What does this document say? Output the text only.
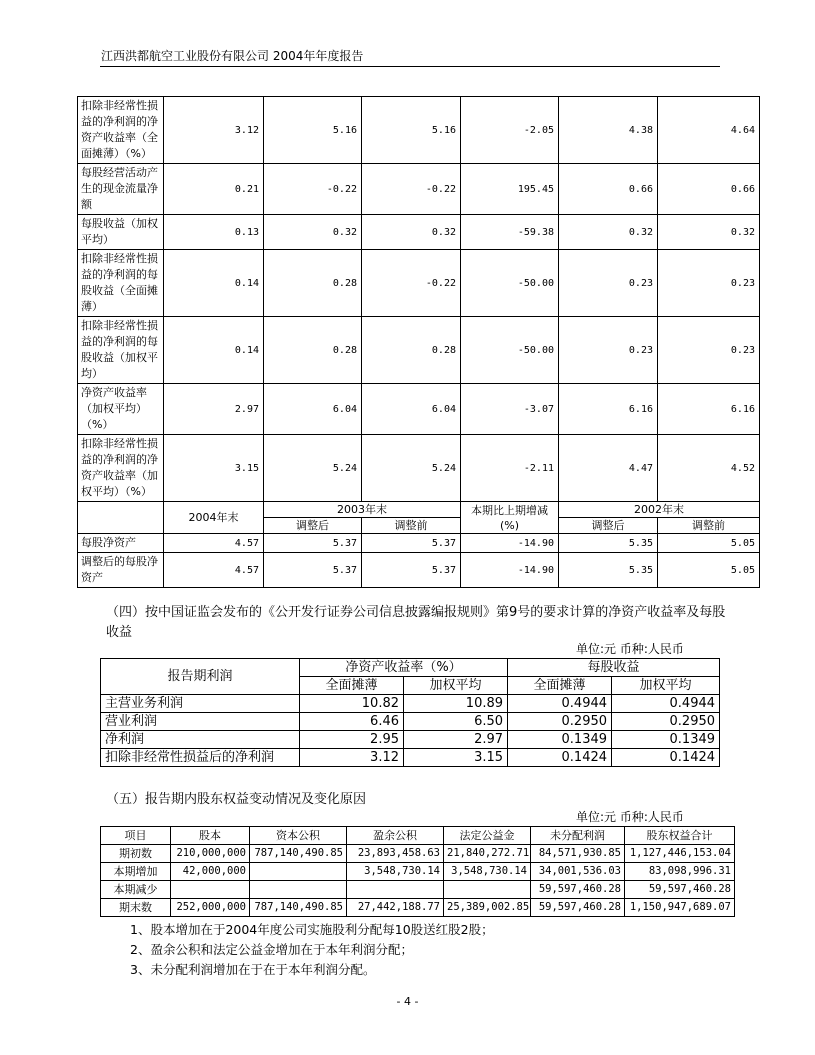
江西洪都航空工业股份有限公司 2004年年度报告
扣除非经常性损益的净利润的净资产收益率（全面摊薄）（%）	3.12	5.16	5.16	-2.05	4.38	4.64
每股经营活动产生的现金流量净额	0.21	-0.22	-0.22	195.45	0.66	0.66
每股收益（加权平均）	0.13	0.32	0.32	-59.38	0.32	0.32
扣除非经常性损益的净利润的每股收益（全面摊薄）	0.14	0.28	-0.22	-50.00	0.23	0.23
扣除非经常性损益的净利润的每股收益（加权平均）	0.14	0.28	0.28	-50.00	0.23	0.23
净资产收益率（加权平均）（%）	2.97	6.04	6.04	-3.07	6.16	6.16
扣除非经常性损益的净利润的净资产收益率（加权平均）（%）	3.15	5.24	5.24	-2.11	4.47	4.52
	2004年末	2003年末		本期比上期增减(%)	2002年末	
		调整后	调整前		调整后	调整前
每股净资产	4.57	5.37	5.37	-14.90	5.35	5.05
调整后的每股净资产	4.57	5.37	5.37	-14.90	5.35	5.05
（四）按中国证监会发布的《公开发行证券公司信息披露编报规则》第9号的要求计算的净资产收益率及每股收益
单位:元 币种:人民币
报告期利润	净资产收益率（%）		每股收益	
	全面摊薄	加权平均	全面摊薄	加权平均
主营业务利润	10.82	10.89	0.4944	0.4944
营业利润	6.46	6.50	0.2950	0.2950
净利润	2.95	2.97	0.1349	0.1349
扣除非经常性损益后的净利润	3.12	3.15	0.1424	0.1424
（五）报告期内股东权益变动情况及变化原因
单位:元 币种:人民币
项目	股本	资本公积	盈余公积	法定公益金	未分配利润	股东权益合计
期初数	210,000,000	787,140,490.85	23,893,458.63	21,840,272.71	84,571,930.85	1,127,446,153.04
本期增加	42,000,000		3,548,730.14	3,548,730.14	34,001,536.03	83,098,996.31
本期减少					59,597,460.28	59,597,460.28
期末数	252,000,000	787,140,490.85	27,442,188.77	25,389,002.85	59,597,460.28	1,150,947,689.07
1、股本增加在于2004年度公司实施股利分配每10股送红股2股；
2、盈余公积和法定公益金增加在于本年利润分配；
3、未分配利润增加在于在于本年利润分配。
- 4 -
